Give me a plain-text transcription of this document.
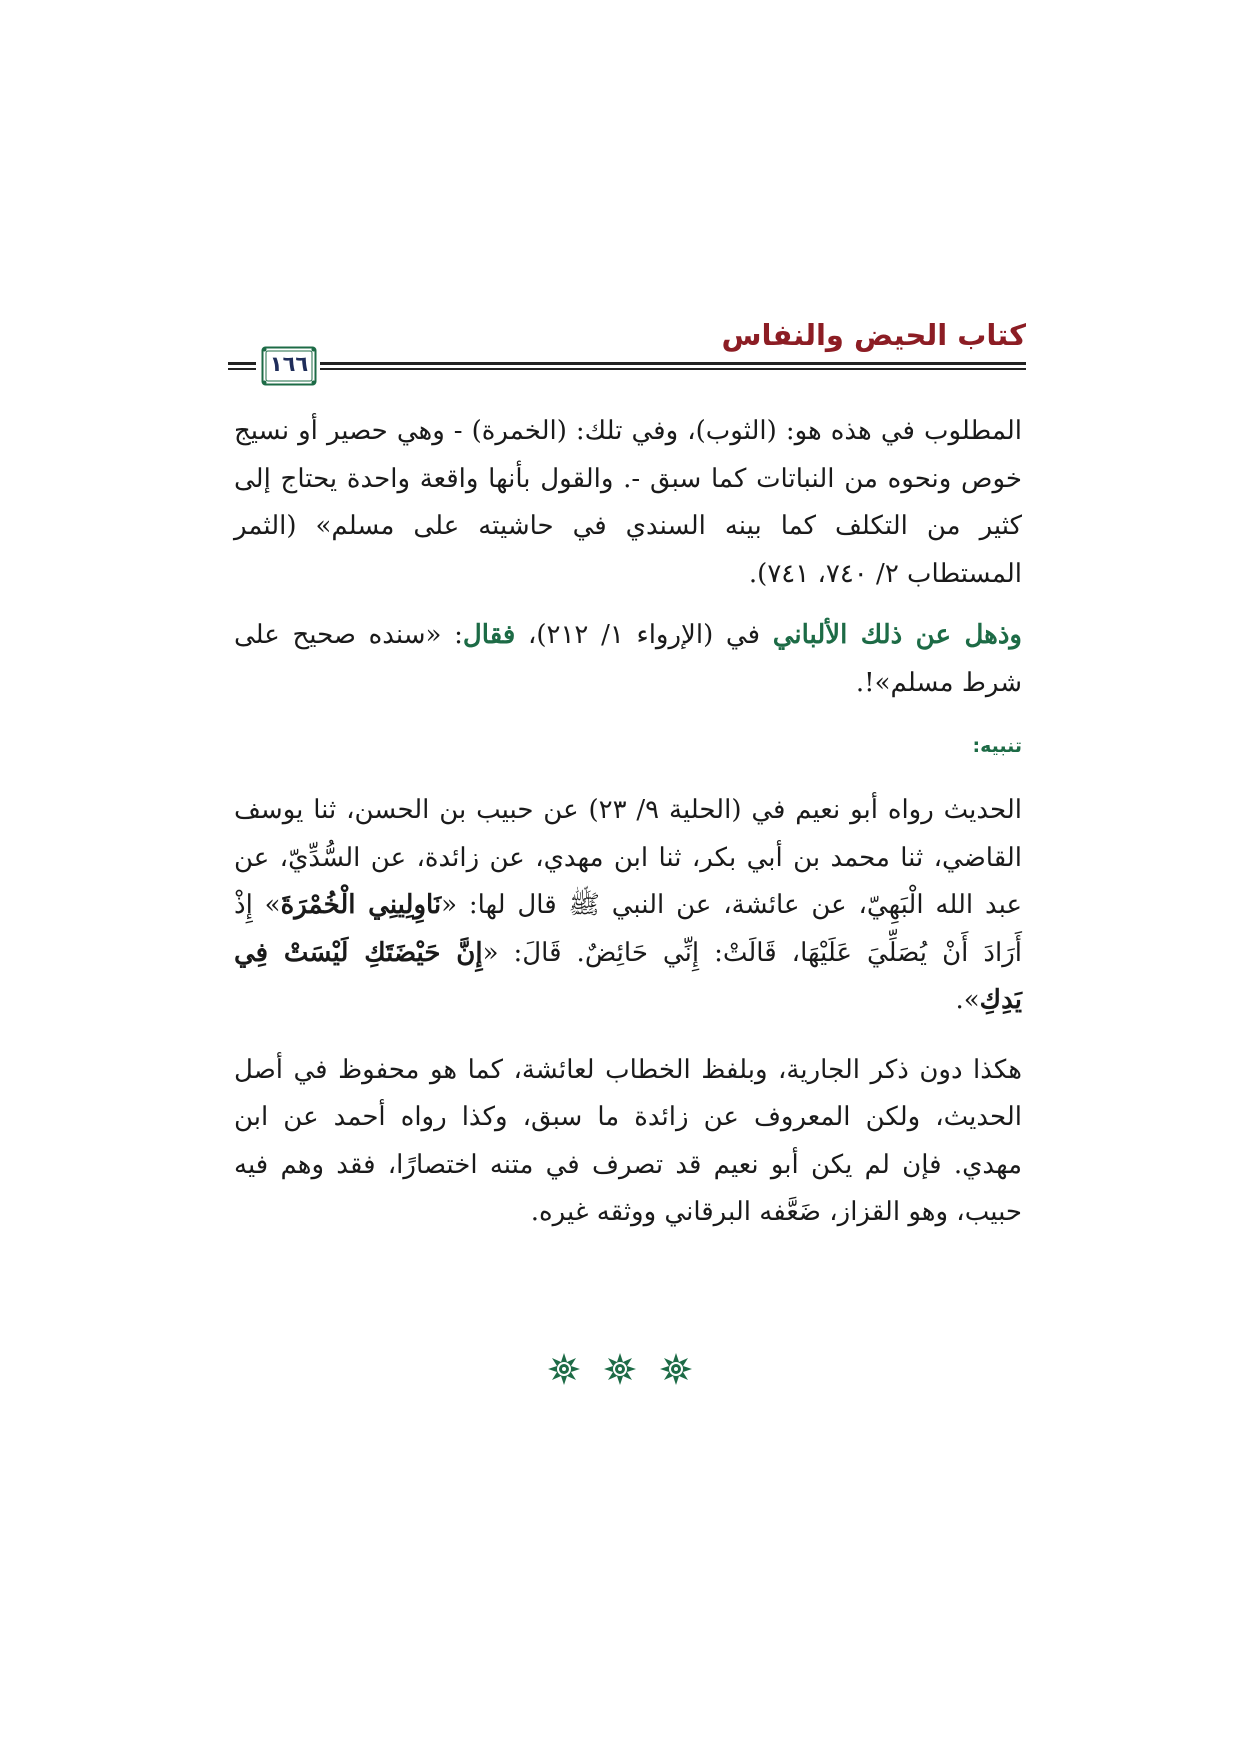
كتاب الحيض والنفاس
١٦٦

المطلوب في هذه هو: (الثوب)، وفي تلك: (الخمرة) - وهي حصير أو نسيج خوص ونحوه من النباتات كما سبق -. والقول بأنها واقعة واحدة يحتاج إلى كثير من التكلف كما بينه السندي في حاشيته على مسلم» (الثمر المستطاب ٢/ ٧٤٠، ٧٤١).

وذهل عن ذلك الألباني في (الإرواء ١/ ٢١٢)، فقال: «سنده صحيح على شرط مسلم»!.

تنبيه:

الحديث رواه أبو نعيم في (الحلية ٩/ ٢٣) عن حبيب بن الحسن، ثنا يوسف القاضي، ثنا محمد بن أبي بكر، ثنا ابن مهدي، عن زائدة، عن السُّدِّيّ، عن عبد الله الْبَهِيّ، عن عائشة، عن النبي ﷺ قال لها: «نَاوِلِينِي الْخُمْرَةَ» إِذْ أَرَادَ أَنْ يُصَلِّيَ عَلَيْهَا، قَالَتْ: إِنِّي حَائِضٌ. قَالَ: «إِنَّ حَيْضَتَكِ لَيْسَتْ فِي يَدِكِ».

هكذا دون ذكر الجارية، وبلفظ الخطاب لعائشة، كما هو محفوظ في أصل الحديث، ولكن المعروف عن زائدة ما سبق، وكذا رواه أحمد عن ابن مهدي. فإن لم يكن أبو نعيم قد تصرف في متنه اختصارًا، فقد وهم فيه حبيب، وهو القزاز، ضَعَّفه البرقاني ووثقه غيره.
